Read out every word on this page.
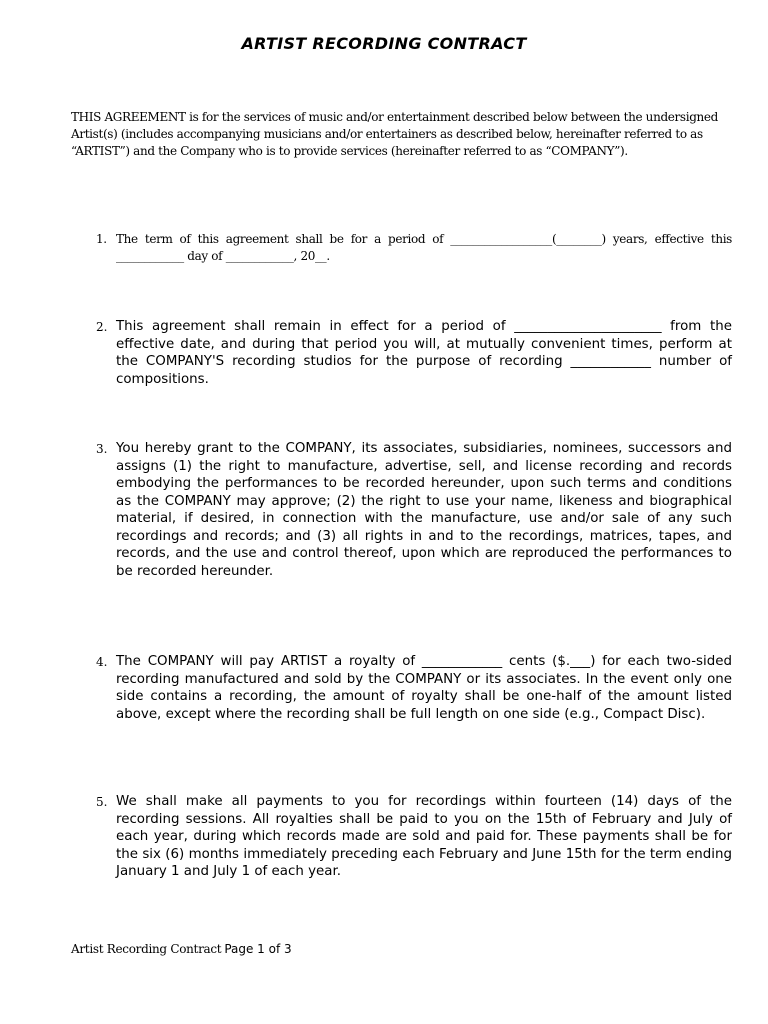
ARTIST RECORDING CONTRACT
THIS AGREEMENT is for the services of music and/or entertainment described below between the undersigned Artist(s) (includes accompanying musicians and/or entertainers as described below, hereinafter referred to as “ARTIST”) and the Company who is to provide services (hereinafter referred to as “COMPANY”).
1. The term of this agreement shall be for a period of __________________(________) years, effective this ____________ day of ____________, 20__.
2. This agreement shall remain in effect for a period of ______________________ from the effective date, and during that period you will, at mutually convenient times, perform at the COMPANY'S recording studios for the purpose of recording ____________ number of compositions.
3. You hereby grant to the COMPANY, its associates, subsidiaries, nominees, successors and assigns (1) the right to manufacture, advertise, sell, and license recording and records embodying the performances to be recorded hereunder, upon such terms and conditions as the COMPANY may approve; (2) the right to use your name, likeness and biographical material, if desired, in connection with the manufacture, use and/or sale of any such recordings and records; and (3) all rights in and to the recordings, matrices, tapes, and records, and the use and control thereof, upon which are reproduced the performances to be recorded hereunder.
4. The COMPANY will pay ARTIST a royalty of ____________ cents ($.___) for each two-sided recording manufactured and sold by the COMPANY or its associates. In the event only one side contains a recording, the amount of royalty shall be one-half of the amount listed above, except where the recording shall be full length on one side (e.g., Compact Disc).
5. We shall make all payments to you for recordings within fourteen (14) days of the recording sessions. All royalties shall be paid to you on the 15th of February and July of each year, during which records made are sold and paid for. These payments shall be for the six (6) months immediately preceding each February and June 15th for the term ending January 1 and July 1 of each year.
Artist Recording Contract Page 1 of 3
